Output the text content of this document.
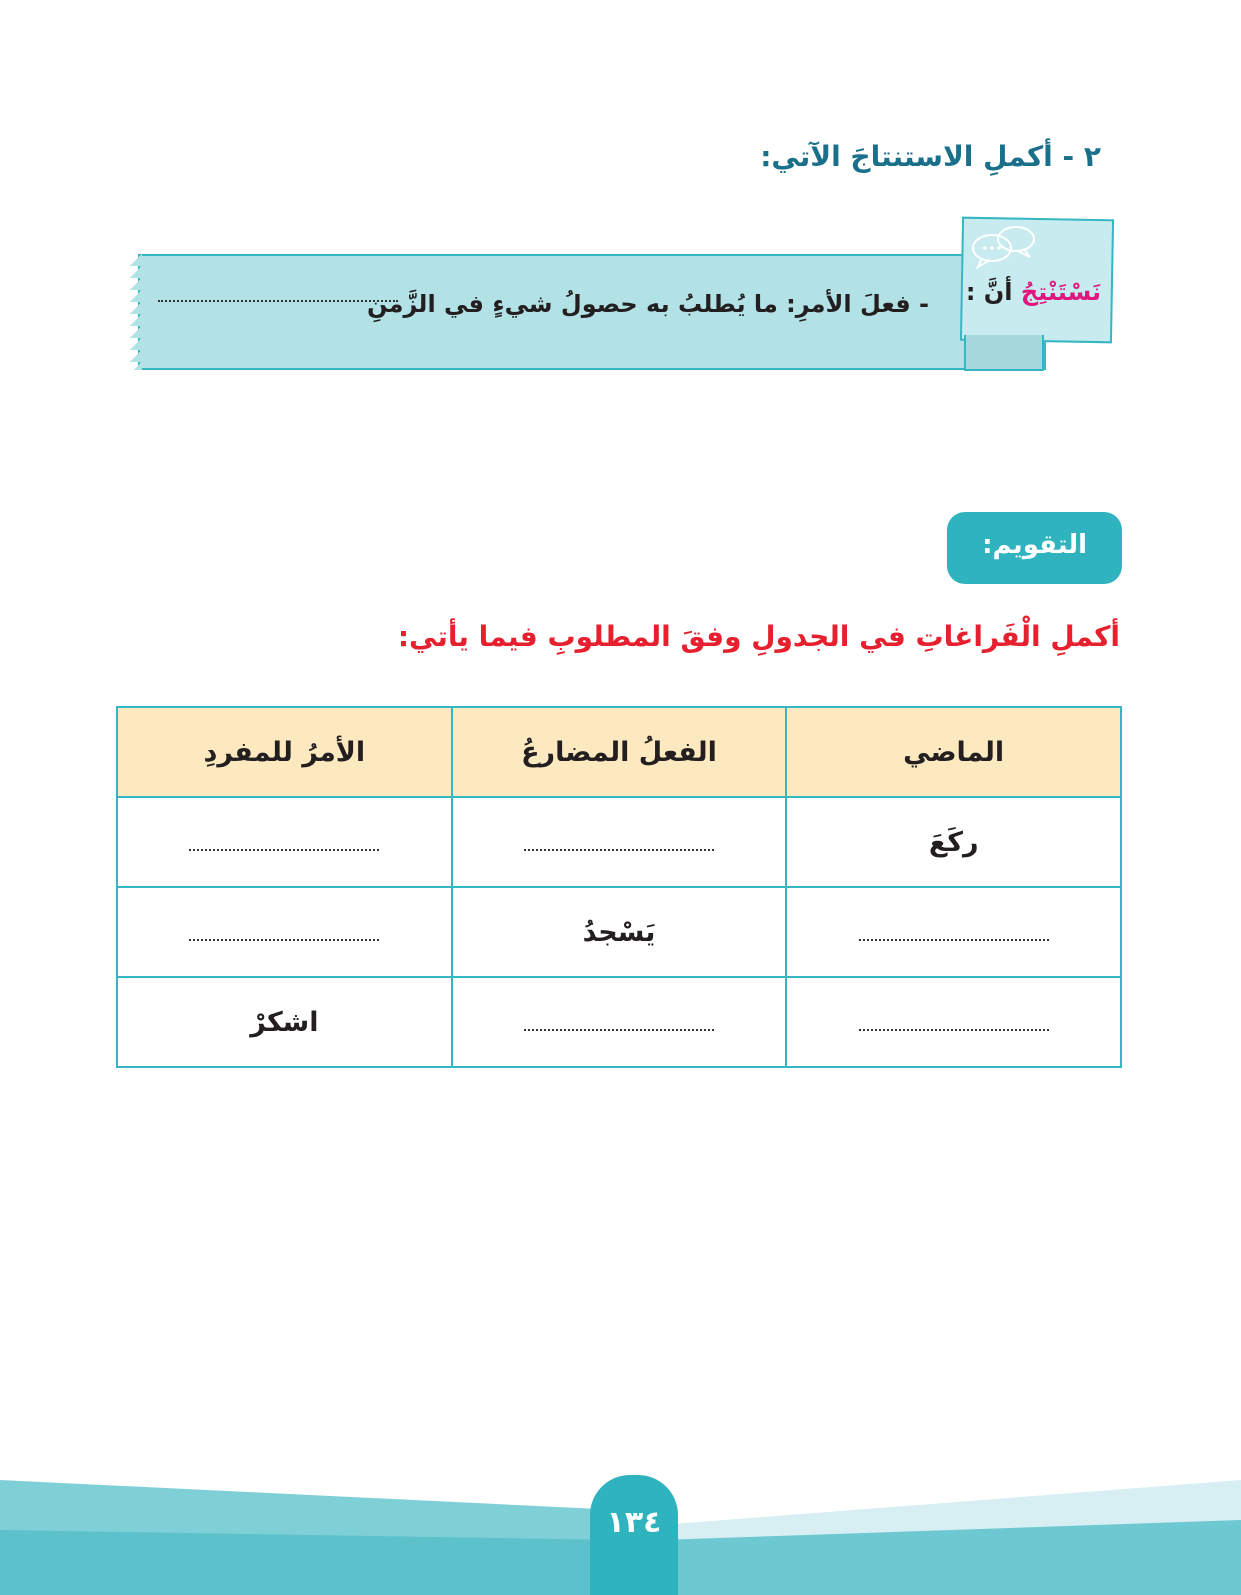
٢ - أكملِ الاستنتاجَ الآتي:
نَسْتَنْتِجُ أنَّ :
- فعلَ الأمرِ: ما يُطلبُ به حصولُ شيءٍ في الزَّمنِ
التقويم:
أكملِ الْفَراغاتِ في الجدولِ وفقَ المطلوبِ فيما يأتي:
الماضي	الفعلُ المضارعُ	الأمرُ للمفردِ
ركَعَ		
	يَسْجدُ	
		اشكرْ
١٣٤
